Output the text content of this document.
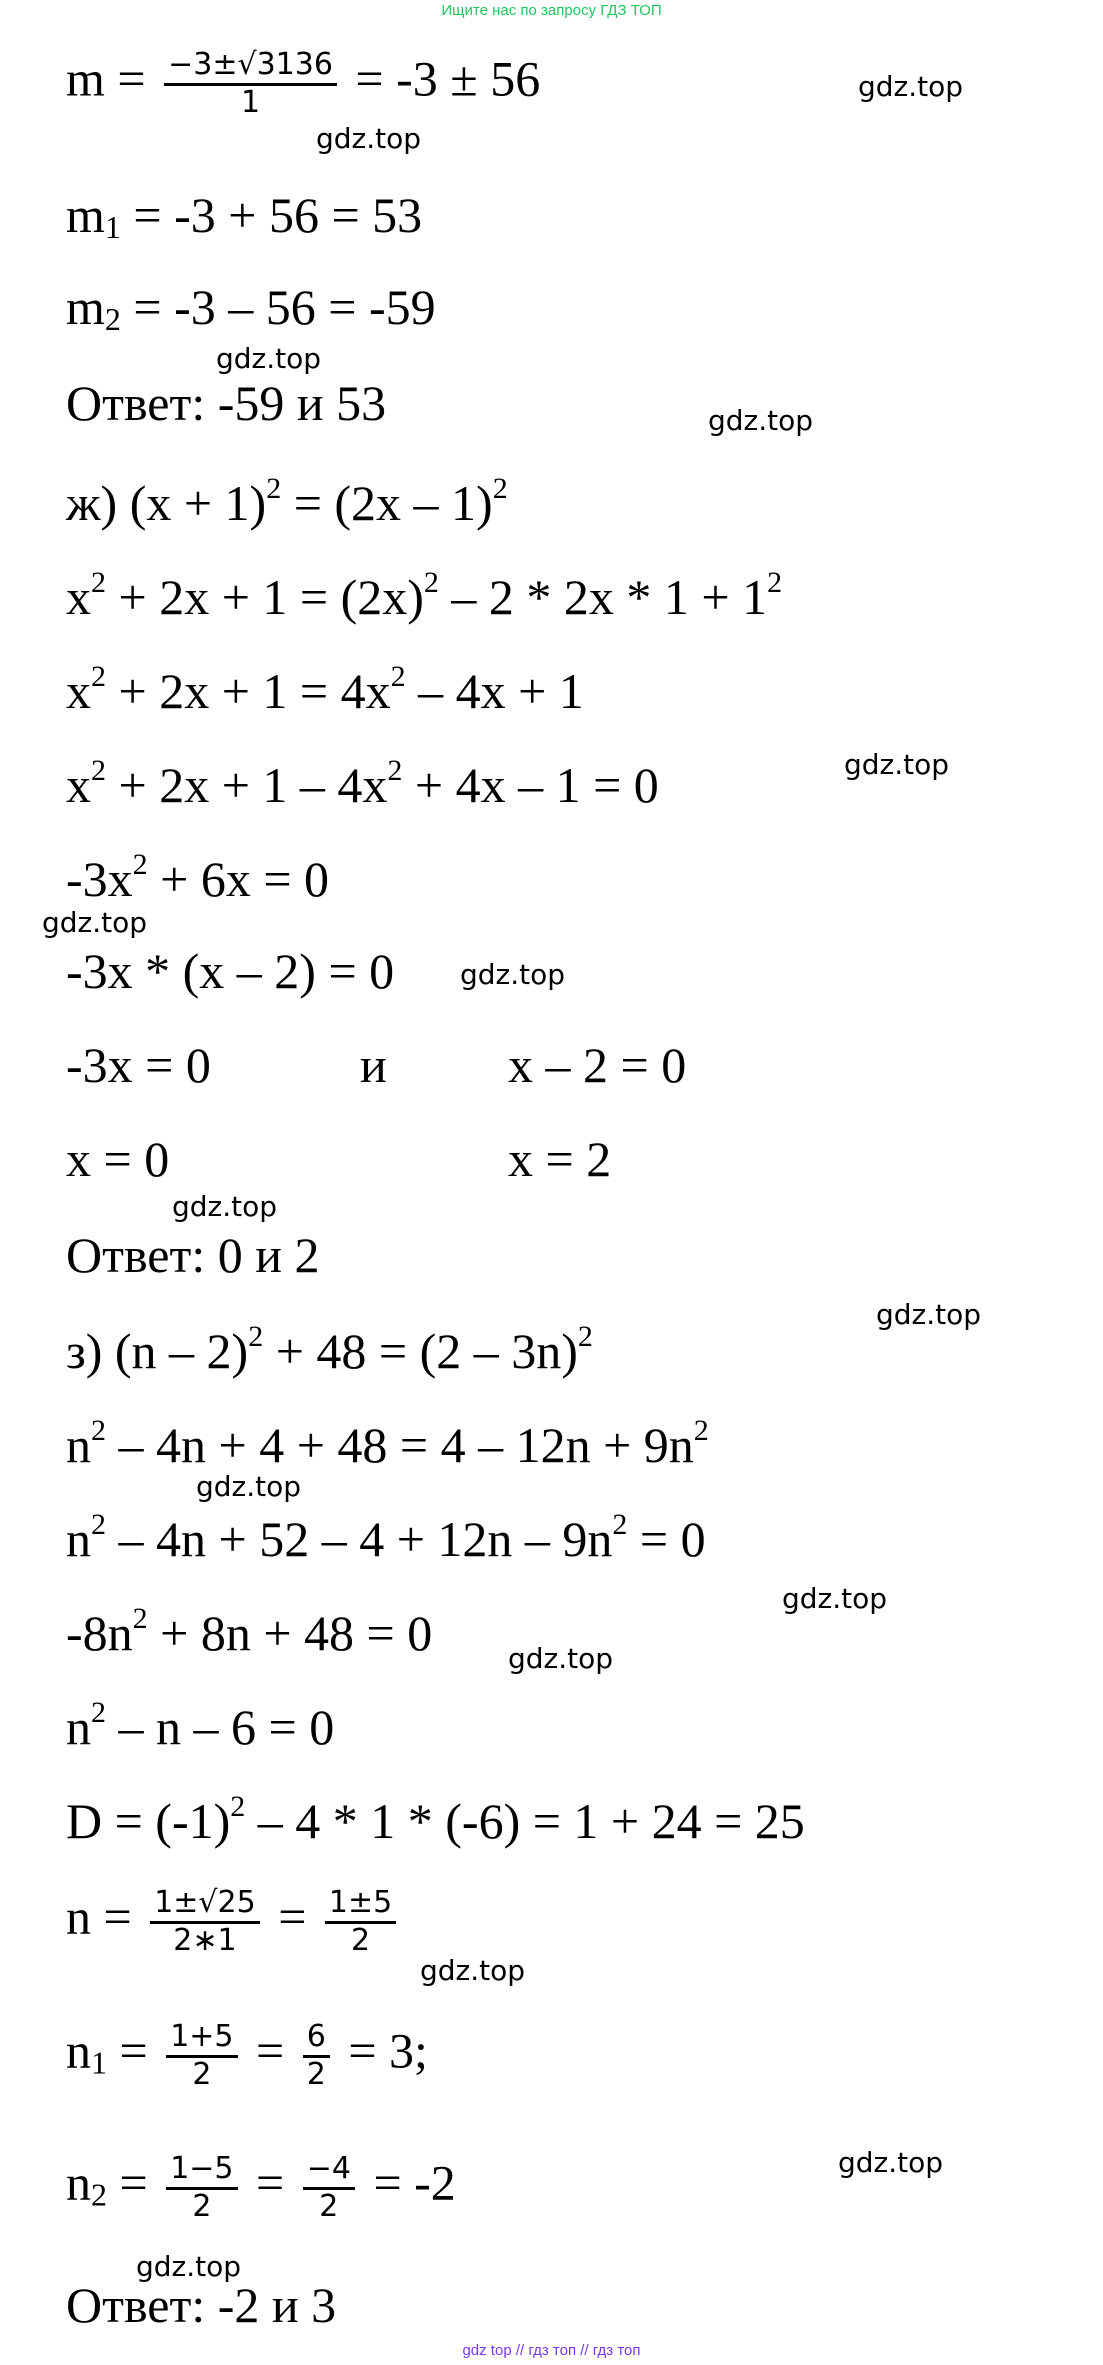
Ищите нас по запросу ГДЗ ТОП
$m = \frac{-3\pm√3136}{1} = -3 \pm 56$
$m_1 = -3 + 56 = 53$
$m_2 = -3 - 56 = -59$
Ответ: -59 и 53
ж) $(x + 1)^2 = (2x - 1)^2$
$x^2 + 2x + 1 = (2x)^2 - 2 * 2x * 1 + 1^2$
$x^2 + 2x + 1 = 4x^2 - 4x + 1$
$x^2 + 2x + 1 - 4x^2 + 4x - 1 = 0$
$-3x^2 + 6x = 0$
-3x * (x – 2) = 0
-3x = 0	и x – 2 = 0
x = 0	x = 2
Ответ: 0 и 2
з) (n – 2)$^2$ + 48 = (2 – 3n)$^2$
$n^2 - 4n + 4 + 48 = 4 - 12n + 9n^2$
$n^2 - 4n + 52 - 4 + 12n - 9n^2 = 0$
$-8n^2 + 8n + 48 = 0$
$n^2 - n - 6 = 0$
$D = (-1)^2 - 4 * 1 * (-6) = 1 + 24 = 25$
$n = \frac{1\pm√25}{2∗1} = \frac{1\pm 5}{2}$
$n_1 = \frac{1+5}{2} = \frac{6}{2} = 3$;
$n_2 = \frac{1-5}{2} = \frac{-4}{2} = -2$
Ответ: -2 и 3
gdz.top
gdz.top
gdz.top
gdz.top
gdz.top
gdz.top
gdz.top
gdz.top
gdz.top
gdz.top
gdz.top
gdz.top
gdz.top
gdz.top
gdz.top
gdz top // гдз топ // гдз топ
